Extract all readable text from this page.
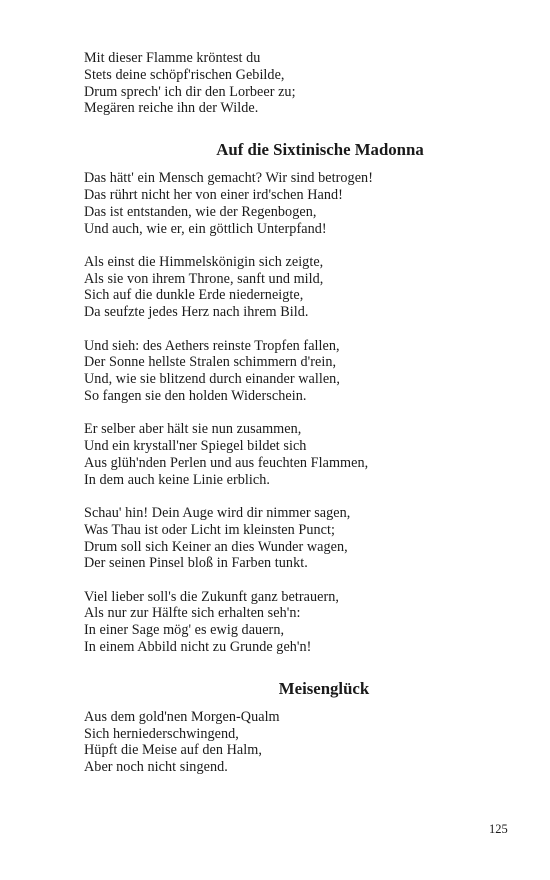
Mit dieser Flamme kröntest du
Stets deine schöpf'rischen Gebilde,
Drum sprech' ich dir den Lorbeer zu;
Megären reiche ihn der Wilde.
Auf die Sixtinische Madonna
Das hätt' ein Mensch gemacht? Wir sind betrogen!
Das rührt nicht her von einer ird'schen Hand!
Das ist entstanden, wie der Regenbogen,
Und auch, wie er, ein göttlich Unterpfand!
Als einst die Himmelskönigin sich zeigte,
Als sie von ihrem Throne, sanft und mild,
Sich auf die dunkle Erde niederneigte,
Da seufzte jedes Herz nach ihrem Bild.
Und sieh: des Aethers reinste Tropfen fallen,
Der Sonne hellste Stralen schimmern d'rein,
Und, wie sie blitzend durch einander wallen,
So fangen sie den holden Widerschein.
Er selber aber hält sie nun zusammen,
Und ein krystall'ner Spiegel bildet sich
Aus glüh'nden Perlen und aus feuchten Flammen,
In dem auch keine Linie erblich.
Schau' hin! Dein Auge wird dir nimmer sagen,
Was Thau ist oder Licht im kleinsten Punct;
Drum soll sich Keiner an dies Wunder wagen,
Der seinen Pinsel bloß in Farben tunkt.
Viel lieber soll's die Zukunft ganz betrauern,
Als nur zur Hälfte sich erhalten seh'n:
In einer Sage mög' es ewig dauern,
In einem Abbild nicht zu Grunde geh'n!
Meisenglück
Aus dem gold'nen Morgen-Qualm
Sich herniederschwingend,
Hüpft die Meise auf den Halm,
Aber noch nicht singend.
125
